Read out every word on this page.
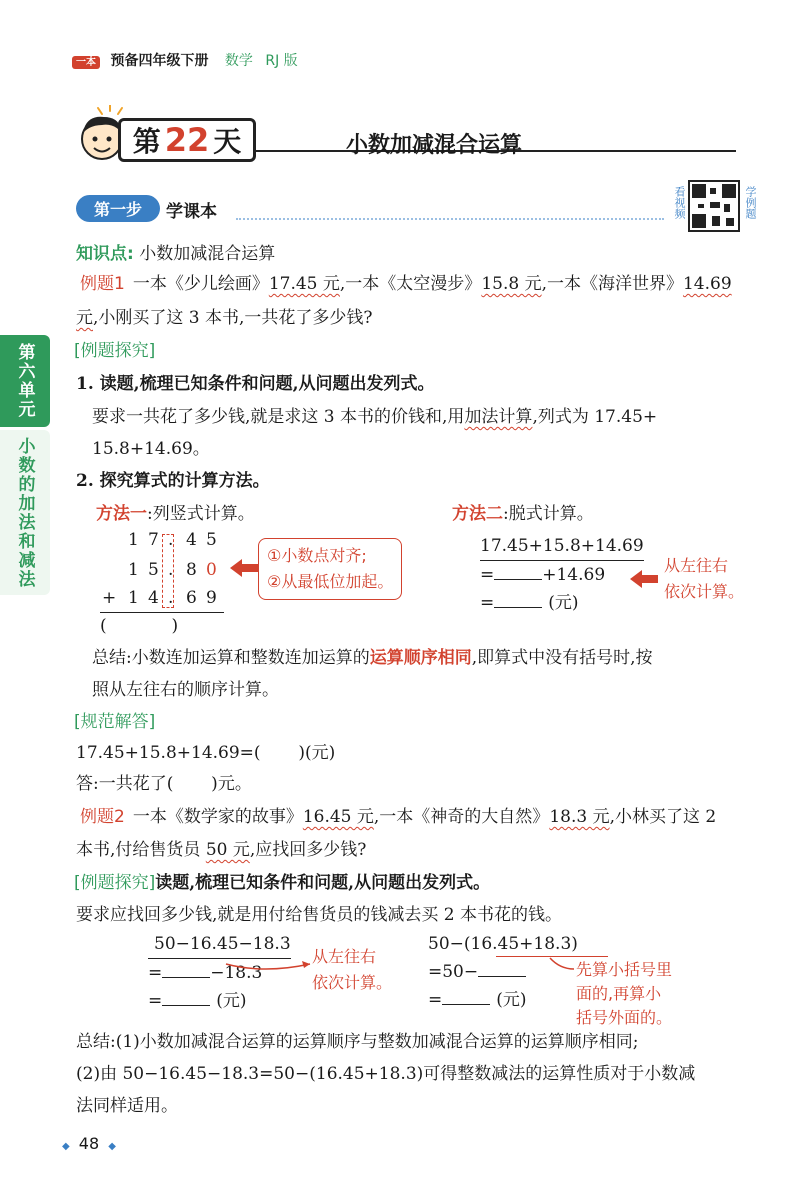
一本 预备四年级下册 数学 RJ 版
第 22 天	小数加减混合运算
第一步 学课本	看视频	学例题
第六单元
小数的加法和减法
知识点: 小数加减混合运算
例题1 一本《少儿绘画》17.45 元,一本《太空漫步》15.8 元,一本《海洋世界》14.69
元,小刚买了这 3 本书,一共花了多少钱?
[例题探究]
1. 读题,梳理已知条件和问题,从问题出发列式。
要求一共花了多少钱,就是求这 3 本书的价钱和,用加法计算,列式为 17.45+
15.8+14.69。
2. 探究算式的计算方法。
方法一:列竖式计算。	方法二:脱式计算。
1 7 . 4 5
1 5 . 8 0
+ 1 4 . 6 9
(            )
①小数点对齐;
②从最低位加起。
17.45+15.8+14.69
=	+14.69
=	(元)
从左往右
依次计算。
总结:小数连加运算和整数连加运算的运算顺序相同,即算式中没有括号时,按
照从左往右的顺序计算。
[规范解答]
17.45+15.8+14.69=(       )(元)
答:一共花了(       )元。
例题2 一本《数学家的故事》16.45 元,一本《神奇的大自然》18.3 元,小林买了这 2
本书,付给售货员 50 元,应找回多少钱?
[例题探究]读题,梳理已知条件和问题,从问题出发列式。
要求应找回多少钱,就是用付给售货员的钱减去买 2 本书花的钱。
50−16.45−18.3
=	−18.3
=	(元)
从左往右
依次计算。
50−(16.45+18.3)
=50−
=	(元)
先算小括号里
面的,再算小
括号外面的。
总结:(1)小数加减混合运算的运算顺序与整数加减混合运算的运算顺序相同;
(2)由 50−16.45−18.3=50−(16.45+18.3)可得整数减法的运算性质对于小数减
法同样适用。
◆ 48 ◆
